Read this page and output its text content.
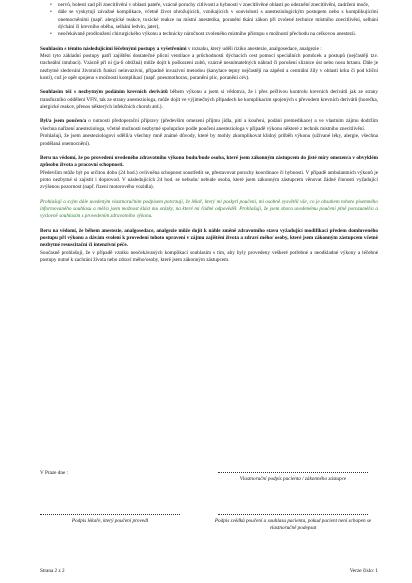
• nervů, bolesti zad při znecitlivění v oblasti pateře, vzácně poruchy citlivosti a hybnosti v znecitlivěné oblasti po odeznění znecitlivění, zadržení moče,
• dále se vyskytují závažné komplikace, včetně život ohrožujících, vznikajících v souvislosti s anesteziologickým postupem nebo s komplikujícími onemocněními (např. alergické reakce, toxické reakce na místní anestetika, poranění tkání zákon při zvolené technice místního znecitlivění, selhání dýchání či krevního oběhu, selhání ledvin, jater),
• neočekávaně prodloužení chirurgického výkonu a technicky náročnost zvoleného místního přístupu s možností přechodu na celkovou anestezii.

Souhlasím s těmito následujícími léčebnými postupy a vyšetřeními v rozsahu, který uděli riziko anestezie, analgosedace, analgezie :

Mezi tyto základní postupy patří zajištění dostatečné plicní ventilace a průchodnosti dýchacích cest pomocí speciálních pomůcek a postupů (nejčastěji tzv. tracheální intubaci). Vzácně při ní (ja-li obtížná) může dojít k poškození zubů, vzácně nesnímatelných náhrad či porušení sliznice úst nebo nosu hrtanu. Dále je nezbytné sledování životních funkcí neinvazivní, případně invazivní metodou (kanylace tepny nejčastěji na zápěstí a centrální žíly v oblasti krku či pod klíční kostí), což je opět spojeno s možností komplikací (např. pneumothorax, poranění plic, poranění cév).

Souhlasím též s nezbytným podáním krevních derivátů během výkonu a jsem si vědom/a, že i přes pečlivou kontrolu krevních derivátů jak ze strany transfuzního oddělení VFN, tak ze strany anesteziologa, může dojít ve výjimečných případech ke komplikacím spojených s převodem krevních derivátů (horečka, alergické reakce, přenos některých infekčních chorob atd.).

Byl/a jsem poučen/a o nutnosti předoperační přípravy (především omezení příjmu jídla, pití a kouření, podání premedikace) a ve vlastním zájmu dodržím všechna nařízení anesteziologa, včetně možnosti nezbytné spolupráce podle poučení anesteziologa v případě výkonu některé z technik místního znecitlivění.

Prohlašuji, že jsem anesteziologovi sdělil/a všechny mně známé důvody, které by mohly zkomplikovat klidný průběh výkonu (užívané léky, alergie, všechna prodělaná onemocnění).

Beru na vědomí, že po provedení uvedeného zdravotního výkonu budu/bude osoba, které jsem zákonným zástupcem do jisté míry omezen/a v obvyklém způsobu života a pracovní schopnosti.

Především může být po určitou dobu (24 hod.) ovlivněna schopnost soustředit se, přestavovat poruchy koordinace či hybnosti. V případě ambulantních výkonů je proto nezbytné si zajistit i doprovod. V následujících 24 hod. se nebudu/ nebude osoba, které jsem zákonným zástupcem věnovat žádné činnosti vyžadující zvýšenou pozornost (např. řízení motorového vozidla).

Prohlašuji a svým dále uvedeným vlastnoručním podpisem potvrzuji, že lékař, který mi poskytl poučení, mi osobně vysvětlil vše, co je obsahem tohoto písemného informovaného souhlasu a měl/a jsem možnost klást mu otázky, na které mi řádně odpověděl. Prohlašuji, že jsem shora uvedenému poučení plně porozuměl/a a výslovně souhlasím s provedením zdravotního výkonu.

Beru na vědomí, že během anestezie, analgosedace, analgezie může dojít k náhle změně zdravotního stavu vyžadující modifikaci předem domluveného postupu při výkonu a dávám svolení k provedení tohoto opravení v zájmu zajištění života a zdraví mého/ osoby, které jsem zákonným zástupcem včetně nezbytné resuscitační či intenzivní péče.

Současně prohlašuji, že v případě vzniku neočekávaných komplikací souhlasím s tím, aby byly provedeny veškeré potřebné a neodkladné výkony a léčebné postupy nutné k zachrání života nebo zdraví mého/osoby, které jsem zákonným zástupcem.

V Praze dne :
Vlastnoruční podpis pacienta / zákonného zástupce
Podpis lékaře, který poučení provedl	Podpis svědků poučení a souhlasu pacienta, pokud pacient není schopen se vlastnoručně podepsat
Strana 2 z 2	Verze číslo: 1
